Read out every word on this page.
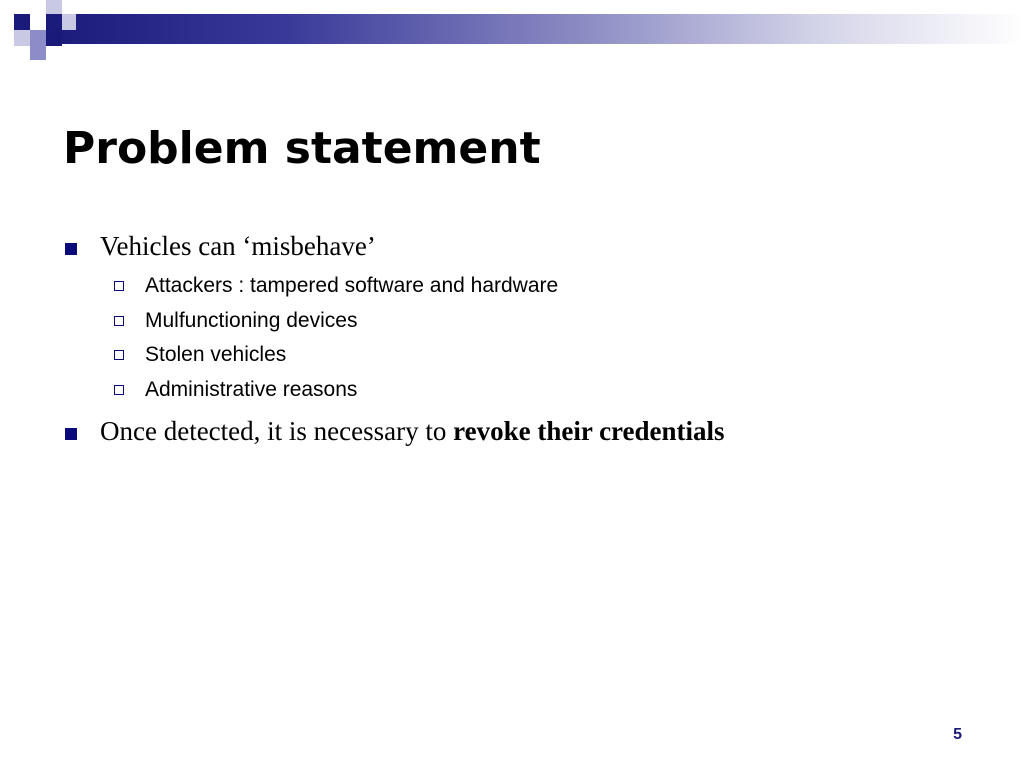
Problem statement
Vehicles can ‘misbehave’
Attackers : tampered software and hardware
Mulfunctioning devices
Stolen vehicles
Administrative reasons
Once detected, it is necessary to revoke their credentials
5
